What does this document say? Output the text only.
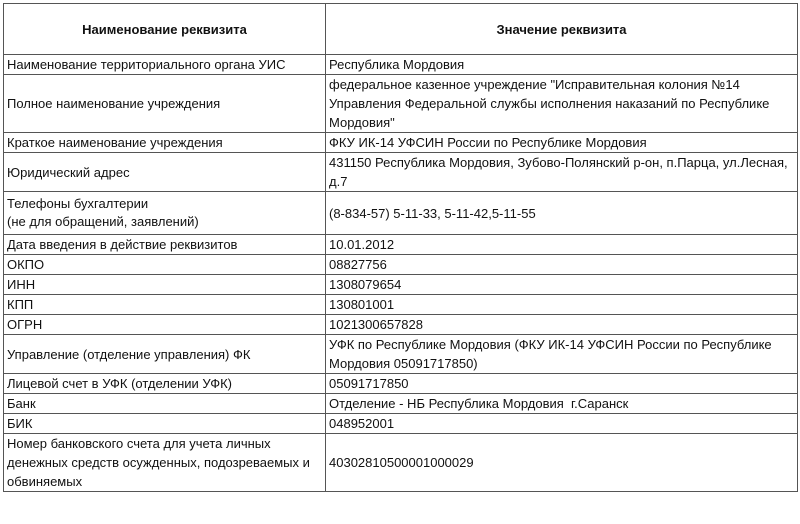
Наименование реквизита	Значение реквизита
Наименование территориального органа УИС	Республика Мордовия
Полное наименование учреждения	федеральное казенное учреждение "Исправительная колония №14 Управления Федеральной службы исполнения наказаний по Республике Мордовия"
Краткое наименование учреждения	ФКУ ИК-14 УФСИН России по Республике Мордовия
Юридический адрес	431150 Республика Мордовия, Зубово-Полянский р-он, п.Парца, ул.Лесная, д.7
Телефоны бухгалтерии
(не для обращений, заявлений)	(8-834-57) 5-11-33, 5-11-42,5-11-55
Дата введения в действие реквизитов	10.01.2012
ОКПО	08827756
ИНН	1308079654
КПП	130801001
ОГРН	1021300657828
Управление (отделение управления) ФК	УФК по Республике Мордовия (ФКУ ИК-14 УФСИН России по Республике Мордовия 05091717850)
Лицевой счет в УФК (отделении УФК)	05091717850
Банк	Отделение - НБ Республика Мордовия  г.Саранск
БИК	048952001
Номер банковского счета для учета личных денежных средств осужденных, подозреваемых и обвиняемых	40302810500001000029
